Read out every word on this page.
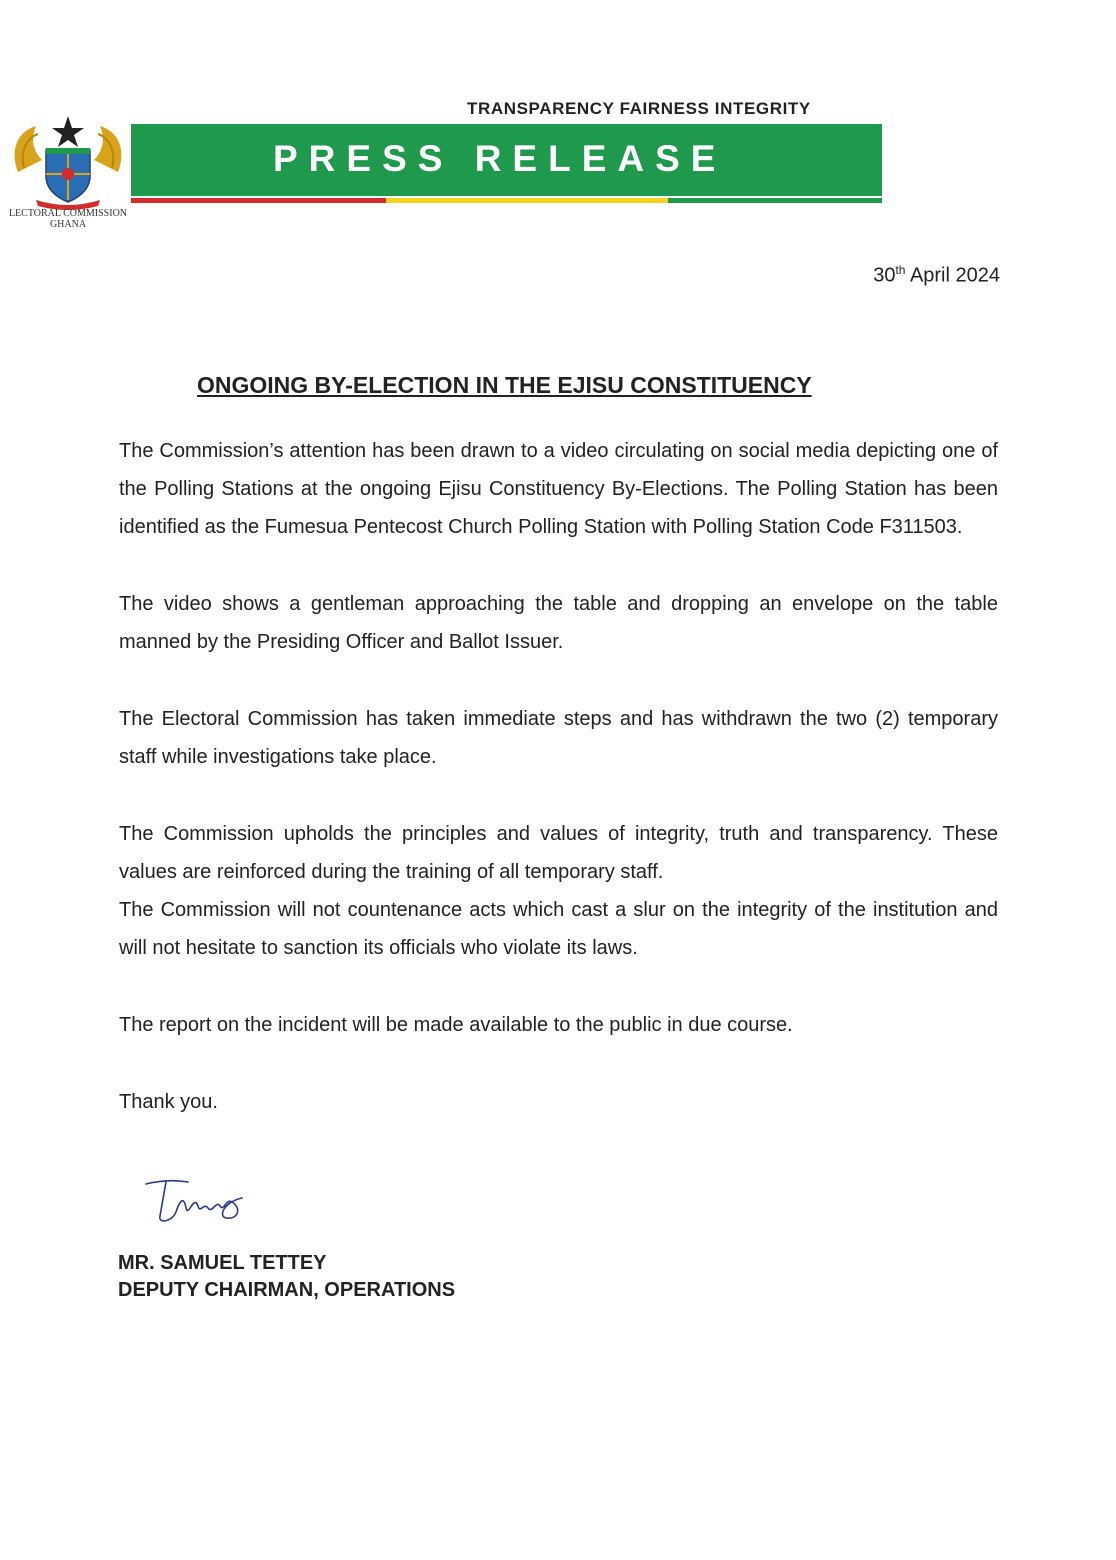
LECTORAL COMMISSION
GHANA
TRANSPARENCY FAIRNESS INTEGRITY
PRESS RELEASE
30th April 2024
ONGOING BY-ELECTION IN THE EJISU CONSTITUENCY

The Commission’s attention has been drawn to a video circulating on social media depicting one of the Polling Stations at the ongoing Ejisu Constituency By-Elections. The Polling Station has been identified as the Fumesua Pentecost Church Polling Station with Polling Station Code F311503.

The video shows a gentleman approaching the table and dropping an envelope on the table manned by the Presiding Officer and Ballot Issuer.

The Electoral Commission has taken immediate steps and has withdrawn the two (2) temporary staff while investigations take place.

The Commission upholds the principles and values of integrity, truth and transparency. These values are reinforced during the training of all temporary staff.

The Commission will not countenance acts which cast a slur on the integrity of the institution and will not hesitate to sanction its officials who violate its laws.

The report on the incident will be made available to the public in due course.

Thank you.

MR. SAMUEL TETTEY
DEPUTY CHAIRMAN, OPERATIONS
